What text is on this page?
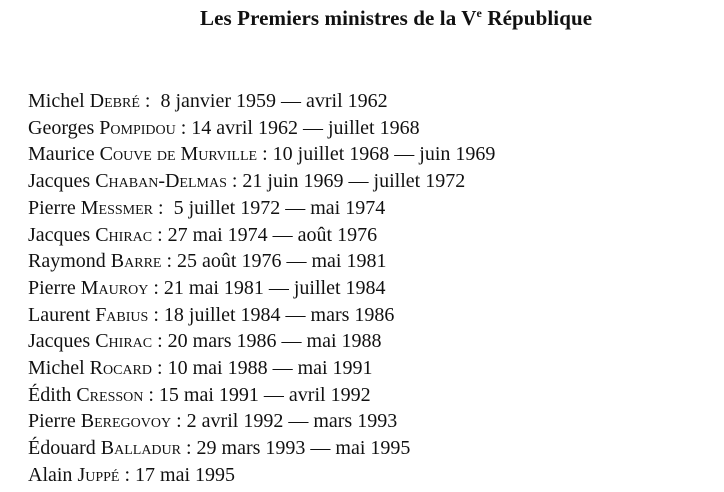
Les Premiers ministres de la Ve République
Michel Debré :  8 janvier 1959 — avril 1962
Georges Pompidou : 14 avril 1962 — juillet 1968
Maurice Couve de Murville : 10 juillet 1968 — juin 1969
Jacques Chaban-Delmas : 21 juin 1969 — juillet 1972
Pierre Messmer :  5 juillet 1972 — mai 1974
Jacques Chirac : 27 mai 1974 — août 1976
Raymond Barre : 25 août 1976 — mai 1981
Pierre Mauroy : 21 mai 1981 — juillet 1984
Laurent Fabius : 18 juillet 1984 — mars 1986
Jacques Chirac : 20 mars 1986 — mai 1988
Michel Rocard : 10 mai 1988 — mai 1991
Édith Cresson : 15 mai 1991 — avril 1992
Pierre Beregovoy : 2 avril 1992 — mars 1993
Édouard Balladur : 29 mars 1993 — mai 1995
Alain Juppé : 17 mai 1995
